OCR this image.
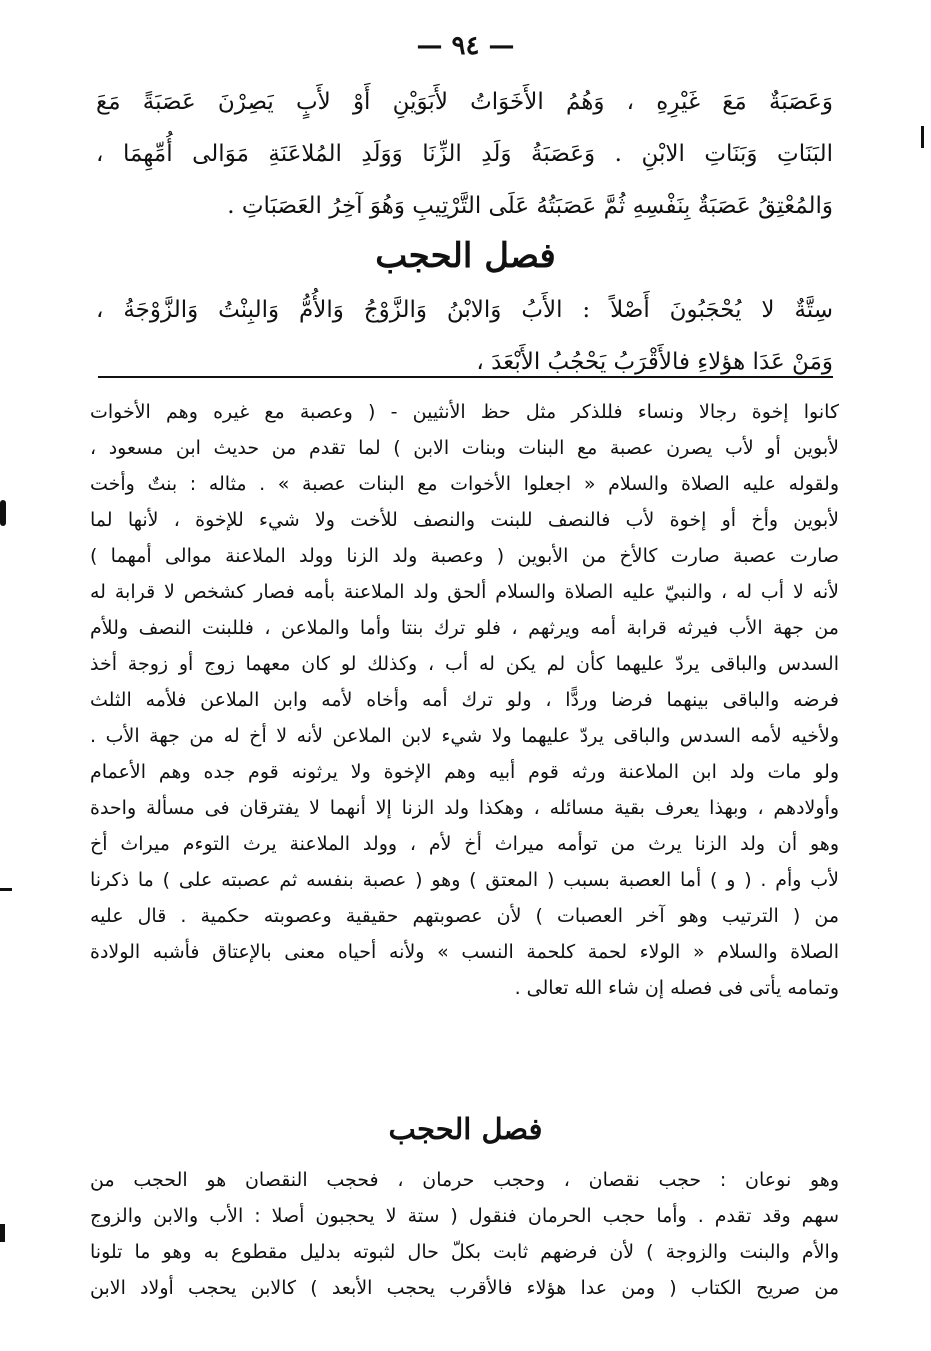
— ٩٤ —
وَعَصَبَةٌ مَعَ غَيْرِهِ ، وَهُمُ الأَخَوَاتُ لأَبَوَيْنِ أَوْ لأَبٍ يَصِرْنَ عَصَبَةً مَعَ
البَنَاتِ وَبَنَاتِ الابْنِ . وَعَصَبَةُ وَلَدِ الزِّنَا وَوَلَدِ المُلاعَنَةِ مَوَالى أُمِّهِمَا ،
وَالمُعْتِقُ عَصَبَةٌ بِنَفْسِهِ ثُمَّ عَصَبَتُهُ عَلَى التَّرْتِيبِ وَهُوَ آخِرُ العَصَبَاتِ .
فصل الحجب
سِتَّةٌ لا يُحْجَبُونَ أَصْلاً : الأَبُ وَالابْنُ وَالزَّوْجُ وَالأُمُّ وَالبِنْتُ وَالزَّوْجَةُ ،
وَمَنْ عَدَا هؤلاءِ فالأَقْرَبُ يَحْجُبُ الأَبْعَدَ ،
كانوا إخوة رجالا ونساء فللذكر مثل حظ الأنثيين - ( وعصبة مع غيره وهم الأخوات
لأبوين أو لأب يصرن عصبة مع البنات وبنات الابن ) لما تقدم من حديث ابن مسعود ،
ولقوله عليه الصلاة والسلام « اجعلوا الأخوات مع البنات عصبة » . مثاله : بنتٌ وأخت
لأبوين وأخ أو إخوة لأب فالنصف للبنت والنصف للأخت ولا شيء للإخوة ، لأنها لما
صارت عصبة صارت كالأخ من الأبوين ( وعصبة ولد الزنا وولد الملاعنة موالى أمهما )
لأنه لا أب له ، والنبيّ عليه الصلاة والسلام ألحق ولد الملاعنة بأمه فصار كشخص لا قرابة له
من جهة الأب فيرثه قرابة أمه ويرثهم ، فلو ترك بنتا وأما والملاعن ، فللبنت النصف وللأم
السدس والباقى يردّ عليهما كأن لم يكن له أب ، وكذلك لو كان معهما زوج أو زوجة أخذ
فرضه والباقى بينهما فرضا وردًّا ، ولو ترك أمه وأخاه لأمه وابن الملاعن فلأمه الثلث
ولأخيه لأمه السدس والباقى يردّ عليهما ولا شيء لابن الملاعن لأنه لا أخ له من جهة الأب .
ولو مات ولد ابن الملاعنة ورثه قوم أبيه وهم الإخوة ولا يرثونه قوم جده وهم الأعمام
وأولادهم ، وبهذا يعرف بقية مسائله ، وهكذا ولد الزنا إلا أنهما لا يفترقان فى مسألة واحدة
وهو أن ولد الزنا يرث من توأمه ميراث أخ لأم ، وولد الملاعنة يرث التوءم ميراث أخ
لأب وأم . ( و ) أما العصبة بسبب ( المعتق ) وهو ( عصبة بنفسه ثم عصبته على ) ما ذكرنا
من ( الترتيب وهو آخر العصبات ) لأن عصوبتهم حقيقية وعصوبته حكمية . قال عليه
الصلاة والسلام « الولاء لحمة كلحمة النسب » ولأنه أحياه معنى بالإعتاق فأشبه الولادة
وتمامه يأتى فى فصله إن شاء الله تعالى .
فصل الحجب
وهو نوعان : حجب نقصان ، وحجب حرمان ، فحجب النقصان هو الحجب من
سهم وقد تقدم . وأما حجب الحرمان فنقول ( ستة لا يحجبون أصلا : الأب والابن والزوج
والأم والبنت والزوجة ) لأن فرضهم ثابت بكلّ حال لثبوته بدليل مقطوع به وهو ما تلونا
من صريح الكتاب ( ومن عدا هؤلاء فالأقرب يحجب الأبعد ) كالابن يحجب أولاد الابن
